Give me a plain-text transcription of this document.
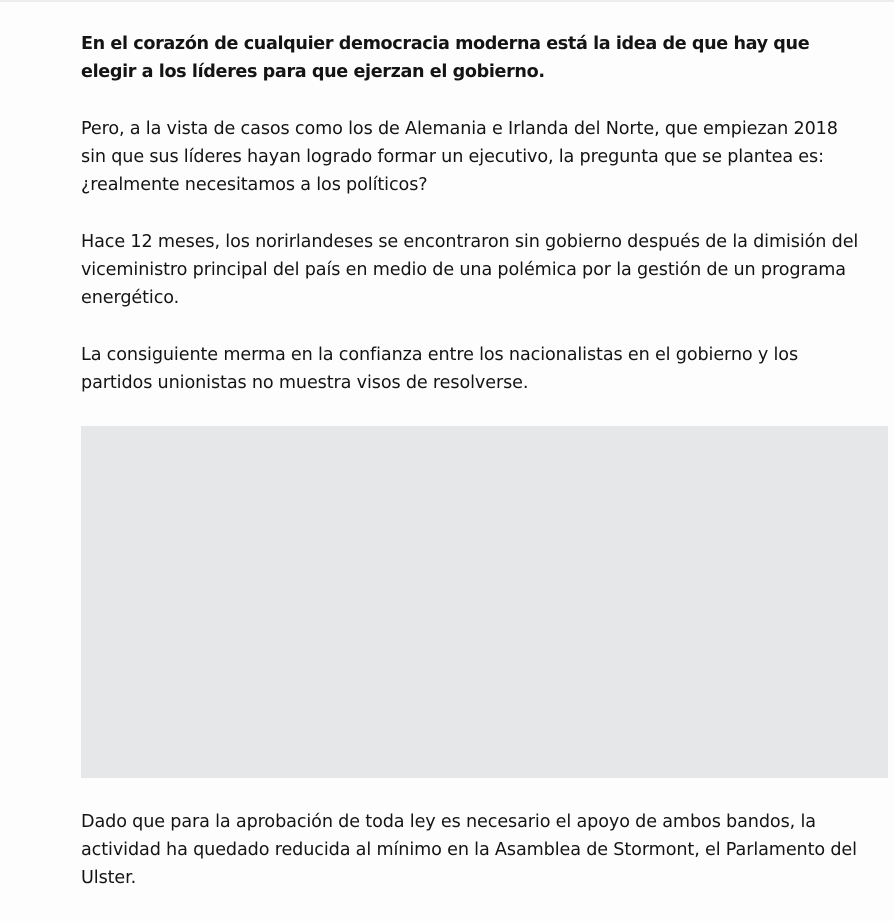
En el corazón de cualquier democracia moderna está la idea de que hay que elegir a los líderes para que ejerzan el gobierno.

Pero, a la vista de casos como los de Alemania e Irlanda del Norte, que empiezan 2018 sin que sus líderes hayan logrado formar un ejecutivo, la pregunta que se plantea es: ¿realmente necesitamos a los políticos?

Hace 12 meses, los norirlandeses se encontraron sin gobierno después de la dimisión del viceministro principal del país en medio de una polémica por la gestión de un programa energético.

La consiguiente merma en la confianza entre los nacionalistas en el gobierno y los partidos unionistas no muestra visos de resolverse.

Dado que para la aprobación de toda ley es necesario el apoyo de ambos bandos, la actividad ha quedado reducida al mínimo en la Asamblea de Stormont, el Parlamento del Ulster.
